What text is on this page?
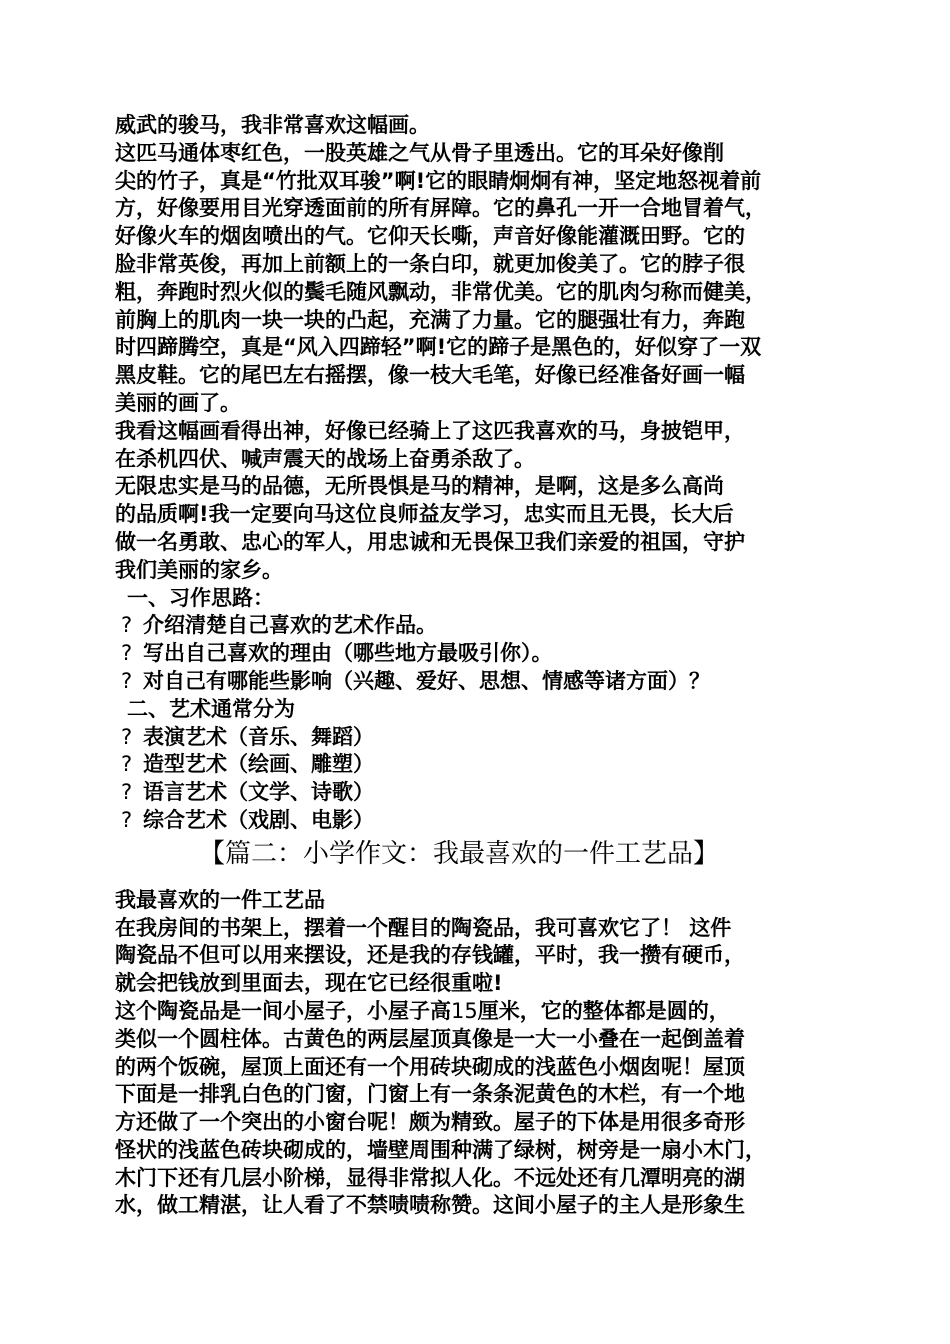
威武的骏马，我非常喜欢这幅画。
这匹马通体枣红色，一股英雄之气从骨子里透出。它的耳朵好像削
尖的竹子，真是“竹批双耳骏”啊!它的眼睛炯炯有神，坚定地怒视着前
方，好像要用目光穿透面前的所有屏障。它的鼻孔一开一合地冒着气，
好像火车的烟囱喷出的气。它仰天长嘶，声音好像能灌溉田野。它的
脸非常英俊，再加上前额上的一条白印，就更加俊美了。它的脖子很
粗，奔跑时烈火似的鬓毛随风飘动，非常优美。它的肌肉匀称而健美，
前胸上的肌肉一块一块的凸起，充满了力量。它的腿强壮有力，奔跑
时四蹄腾空，真是“风入四蹄轻”啊!它的蹄子是黑色的，好似穿了一双
黑皮鞋。它的尾巴左右摇摆，像一枝大毛笔，好像已经准备好画一幅
美丽的画了。
我看这幅画看得出神，好像已经骑上了这匹我喜欢的马，身披铠甲，
在杀机四伏、喊声震天的战场上奋勇杀敌了。
无限忠实是马的品德，无所畏惧是马的精神，是啊，这是多么高尚
的品质啊!我一定要向马这位良师益友学习，忠实而且无畏，长大后
做一名勇敢、忠心的军人，用忠诚和无畏保卫我们亲爱的祖国，守护
我们美丽的家乡。
一、习作思路：
? 介绍清楚自己喜欢的艺术作品。
? 写出自己喜欢的理由（哪些地方最吸引你）。
? 对自己有哪能些影响（兴趣、爱好、思想、情感等诸方面）？
二、艺术通常分为
? 表演艺术（音乐、舞蹈）
? 造型艺术（绘画、雕塑）
? 语言艺术（文学、诗歌）
? 综合艺术（戏剧、电影）
【篇二：小学作文：我最喜欢的一件工艺品】
我最喜欢的一件工艺品
在我房间的书架上，摆着一个醒目的陶瓷品，我可喜欢它了！ 这件
陶瓷品不但可以用来摆设，还是我的存钱罐，平时，我一攒有硬币，
就会把钱放到里面去，现在它已经很重啦!
这个陶瓷品是一间小屋子，小屋子高15厘米，它的整体都是圆的，
类似一个圆柱体。古黄色的两层屋顶真像是一大一小叠在一起倒盖着
的两个饭碗，屋顶上面还有一个用砖块砌成的浅蓝色小烟囱呢！屋顶
下面是一排乳白色的门窗，门窗上有一条条泥黄色的木栏，有一个地
方还做了一个突出的小窗台呢！颇为精致。屋子的下体是用很多奇形
怪状的浅蓝色砖块砌成的，墙壁周围种满了绿树，树旁是一扇小木门，
木门下还有几层小阶梯，显得非常拟人化。不远处还有几潭明亮的湖
水，做工精湛，让人看了不禁啧啧称赞。这间小屋子的主人是形象生
